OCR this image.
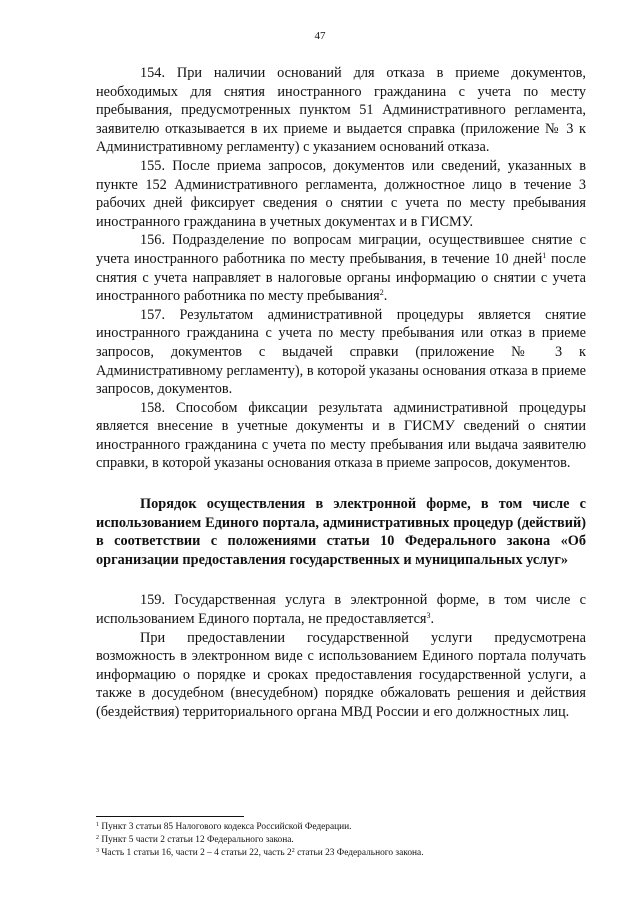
47

154. При наличии оснований для отказа в приеме документов, необходимых для снятия иностранного гражданина с учета по месту пребывания, предусмотренных пунктом 51 Административного регламента, заявителю отказывается в их приеме и выдается справка (приложение № 3 к Административному регламенту) с указанием оснований отказа.

155. После приема запросов, документов или сведений, указанных в пункте 152 Административного регламента, должностное лицо в течение 3 рабочих дней фиксирует сведения о снятии с учета по месту пребывания иностранного гражданина в учетных документах и в ГИСМУ.

156. Подразделение по вопросам миграции, осуществившее снятие с учета иностранного работника по месту пребывания, в течение 10 дней$^1$ после снятия с учета направляет в налоговые органы информацию о снятии с учета иностранного работника по месту пребывания$^2$.

157. Результатом административной процедуры является снятие иностранного гражданина с учета по месту пребывания или отказ в приеме запросов, документов с выдачей справки (приложение № 3 к Административному регламенту), в которой указаны основания отказа в приеме запросов, документов.

158. Способом фиксации результата административной процедуры является внесение в учетные документы и в ГИСМУ сведений о снятии иностранного гражданина с учета по месту пребывания или выдача заявителю справки, в которой указаны основания отказа в приеме запросов, документов.

Порядок осуществления в электронной форме, в том числе с использованием Единого портала, административных процедур (действий) в соответствии с положениями статьи 10 Федерального закона «Об организации предоставления государственных и муниципальных услуг»

159. Государственная услуга в электронной форме, в том числе с использованием Единого портала, не предоставляется$^3$.

При предоставлении государственной услуги предусмотрена возможность в электронном виде с использованием Единого портала получать информацию о порядке и сроках предоставления государственной услуги, а также в досудебном (внесудебном) порядке обжаловать решения и действия (бездействия) территориального органа МВД России и его должностных лиц.

$^1$ Пункт 3 статьи 85 Налогового кодекса Российской Федерации.
$^2$ Пункт 5 части 2 статьи 12 Федерального закона.
$^3$ Часть 1 статьи 16, части 2 – 4 статьи 22, часть $2^2$ статьи 23 Федерального закона.
